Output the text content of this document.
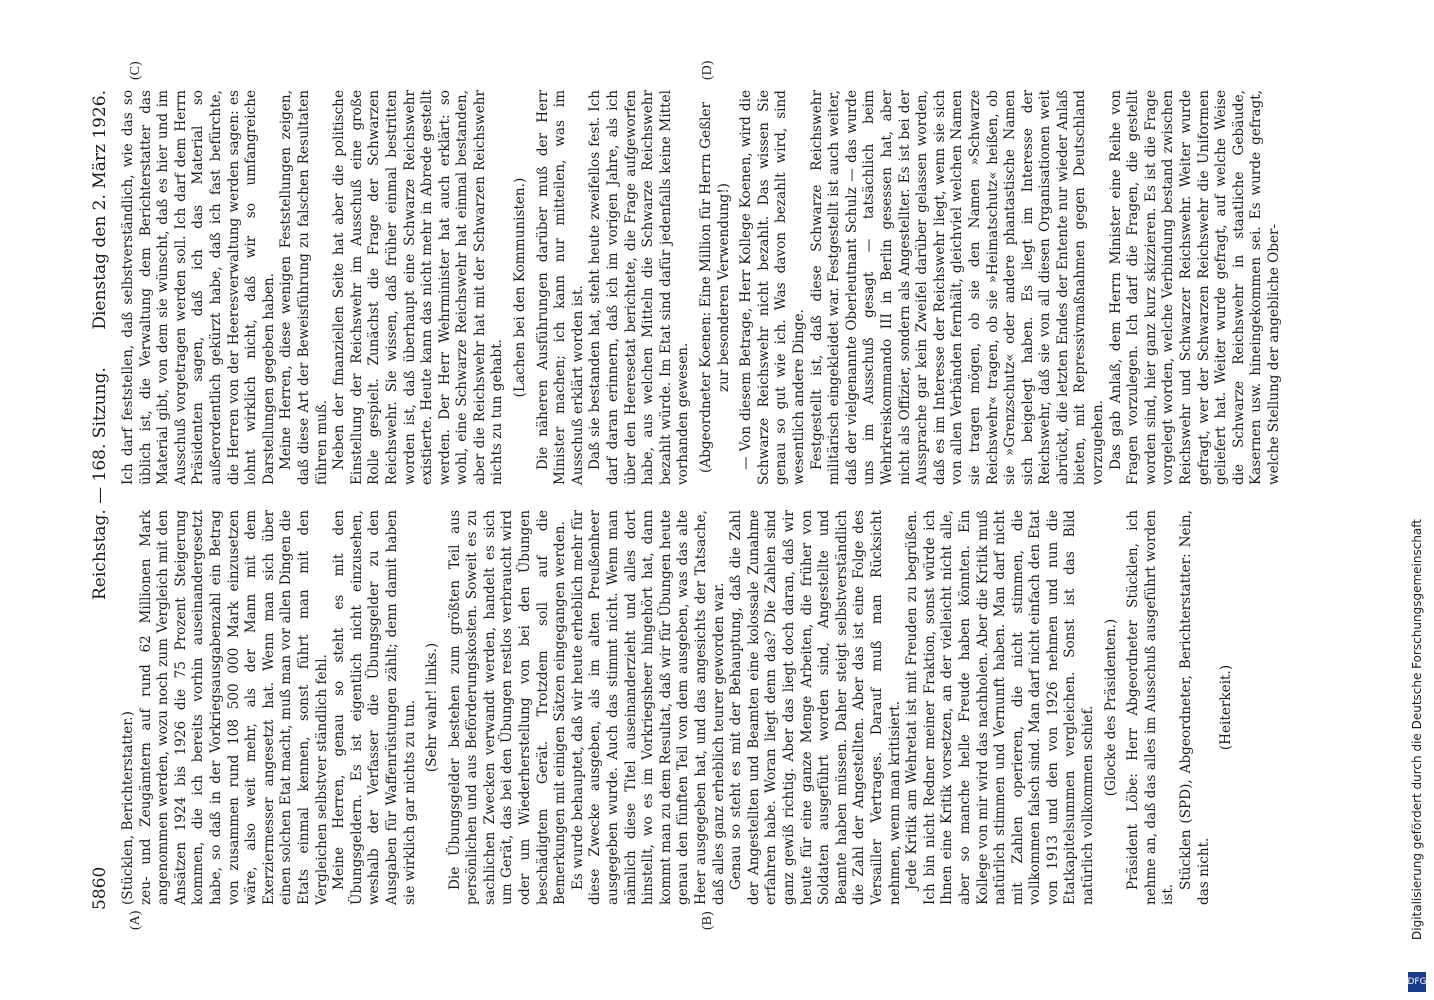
5860
Reichstag. — 168. Sitzung.
Dienstag den 2. März 1926.
(A)	(B)
(C)	(D)

(Stücklen, Berichterstatter.) zeu- und Zeugämtern auf rund 62 Millionen Mark angenommen werden, wozu noch zum Vergleich mit den Ansätzen 1924 bis 1926 die 75 Prozent Steigerung kommen, die ich bereits vorhin auseinandergesetzt habe, so daß in der Vorkriegsausgabenzahl ein Betrag von zusammen rund 108 500 000 Mark einzusetzen wäre, also weit mehr, als der Mann mit dem Exerziermesser angesetzt hat. Wenn man sich über einen solchen Etat macht, muß man vor allen Dingen die Etats einmal kennen, sonst führt man mit den Vergleichen selbstver ständlich fehl. Meine Herren, genau so steht es mit den Übungsgeldern. Es ist eigentlich nicht einzusehen, weshalb der Verfasser die Übungsgelder zu den Ausgaben für Waffenrüstungen zählt; denn damit haben sie wirklich gar nichts zu tun. (Sehr wahr! links.) Die Übungsgelder bestehen zum größten Teil aus persönlichen und aus Beförderungskosten. Soweit es zu sachlichen Zwecken verwandt werden, handelt es sich um Gerät, das bei den Übungen restlos verbraucht wird oder um Wiederherstellung von bei den Übungen beschädigtem Gerät. Trotzdem soll auf die Bemerkungen mit einigen Sätzen eingegangen werden. Es wurde behauptet, daß wir heute erheblich mehr für diese Zwecke ausgeben, als im alten Preußenheer ausgegeben wurde. Auch das stimmt nicht. Wenn man nämlich diese Titel auseinanderzieht und alles dort hinstellt, wo es im Vorkriegsheer hingehört hat, dann kommt man zu dem Resultat, daß wir für Übungen heute genau den fünften Teil von dem ausgeben, was das alte Heer ausgegeben hat, und das angesichts der Tatsache, daß alles ganz erheblich teurer geworden war. Genau so steht es mit der Behauptung, daß die Zahl der Angestellten und Beamten eine kolossale Zunahme erfahren habe. Woran liegt denn das? Die Zahlen sind ganz gewiß richtig. Aber das liegt doch daran, daß wir heute für eine ganze Menge Arbeiten, die früher von Soldaten ausgeführt worden sind, Angestellte und Beamte haben müssen. Daher steigt selbstverständlich die Zahl der Angestellten. Aber das ist eine Folge des Versailler Vertrages. Darauf muß man Rücksicht nehmen, wenn man kritisiert. Jede Kritik am Wehretat ist mit Freuden zu begrüßen. Ich bin nicht Redner meiner Fraktion, sonst würde ich Ihnen eine Kritik vorsetzen, an der vielleicht nicht alle, aber so manche helle Freude haben könnten. Ein Kollege von mir wird das nachholen. Aber die Kritik muß natürlich stimmen und Vernunft haben. Man darf nicht mit Zahlen operieren, die nicht stimmen, die vollkommen falsch sind. Man darf nicht einfach den Etat von 1913 und den von 1926 nehmen und nun die Etatkapitelsummen vergleichen. Sonst ist das Bild natürlich vollkommen schief. (Glocke des Präsidenten.) Präsident Löbe: Herr Abgeordneter Stücklen, ich nehme an, daß das alles im Ausschuß ausgeführt worden ist.

Stücklen (SPD), Abgeordneter, Berichterstatter: Nein, das nicht.

(Heiterkeit.)

Ich darf feststellen, daß selbstverständlich, wie das so üblich ist, die Verwaltung dem Berichterstatter das Material gibt, von dem sie wünscht, daß es hier und im Ausschuß vorgetragen werden soll. Ich darf dem Herrn Präsidenten sagen, daß ich das Material so außerordentlich gekürzt habe, daß ich fast befürchte, die Herren von der Heeresverwaltung werden sagen: es lohnt wirklich nicht, daß wir so umfangreiche Darstellungen gegeben haben. Meine Herren, diese wenigen Feststellungen zeigen, daß diese Art der Beweisführung zu falschen Resultaten führen muß. Neben der finanziellen Seite hat aber die politische Einstellung der Reichswehr im Ausschuß eine große Rolle gespielt. Zunächst die Frage der Schwarzen Reichswehr. Sie wissen, daß früher einmal bestritten worden ist, daß überhaupt eine Schwarze Reichswehr existierte. Heute kann das nicht mehr in Abrede gestellt werden. Der Herr Wehrminister hat auch erklärt: so wohl, eine Schwarze Reichswehr hat einmal bestanden, aber die Reichswehr hat mit der Schwarzen Reichswehr nichts zu tun gehabt.

(Lachen bei den Kommunisten.) Die näheren Ausführungen darüber muß der Herr Minister machen; ich kann nur mitteilen, was im Ausschuß erklärt worden ist. Daß sie bestanden hat, steht heute zweifellos fest. Ich darf daran erinnern, daß ich im vorigen Jahre, als ich über den Heeresetat berichtete, die Frage aufgeworfen habe, aus welchen Mitteln die Schwarze Reichswehr bezahlt würde. Im Etat sind dafür jedenfalls keine Mittel vorhanden gewesen. (Abgeordneter Koenen: Eine Million für Herrn Geßler zur besonderen Verwendung!) — Von diesem Betrage, Herr Kollege Koenen, wird die Schwarze Reichswehr nicht bezahlt. Das wissen Sie genau so gut wie ich. Was davon bezahlt wird, sind wesentlich andere Dinge. Festgestellt ist, daß diese Schwarze Reichswehr militärisch eingekleidet war. Festgestellt ist auch weiter, daß der vielgenannte Oberleutnant Schulz — das wurde uns im Ausschuß gesagt — tatsächlich beim Wehrkreiskommando III in Berlin gesessen hat, aber nicht als Offizier, sondern als Angestellter. Es ist bei der Aussprache gar kein Zweifel darüber gelassen worden, daß es im Interesse der Reichswehr liegt, wenn sie sich von allen Verbänden fernhält, gleichviel welchen Namen sie tragen mögen, ob sie den Namen »Schwarze Reichswehr« tragen, ob sie »Heimatschutz« heißen, ob sie »Grenzschutz« oder andere phantastische Namen sich beigelegt haben. Es liegt im Interesse der Reichswehr, daß sie von all diesen Organisationen weit abrückt, die letzten Endes der Entente nur wieder Anlaß bieten, mit Repressivmaßnahmen gegen Deutschland vorzugehen. Das gab Anlaß, dem Herrn Minister eine Reihe von Fragen vorzulegen. Ich darf die Fragen, die gestellt worden sind, hier ganz kurz skizzieren. Es ist die Frage vorgelegt worden, welche Verbindung bestand zwischen Reichswehr und Schwarzer Reichswehr. Weiter wurde gefragt, wer der Schwarzen Reichswehr die Uniformen geliefert hat. Weiter wurde gefragt, auf welche Weise die Schwarze Reichswehr in staatliche Gebäude, Kasernen usw. hineingekommen sei. Es wurde gefragt, welche Stellung der angebliche Ober-

Digitalisierung gefördert durch die Deutsche Forschungsgemeinschaft
DFG
